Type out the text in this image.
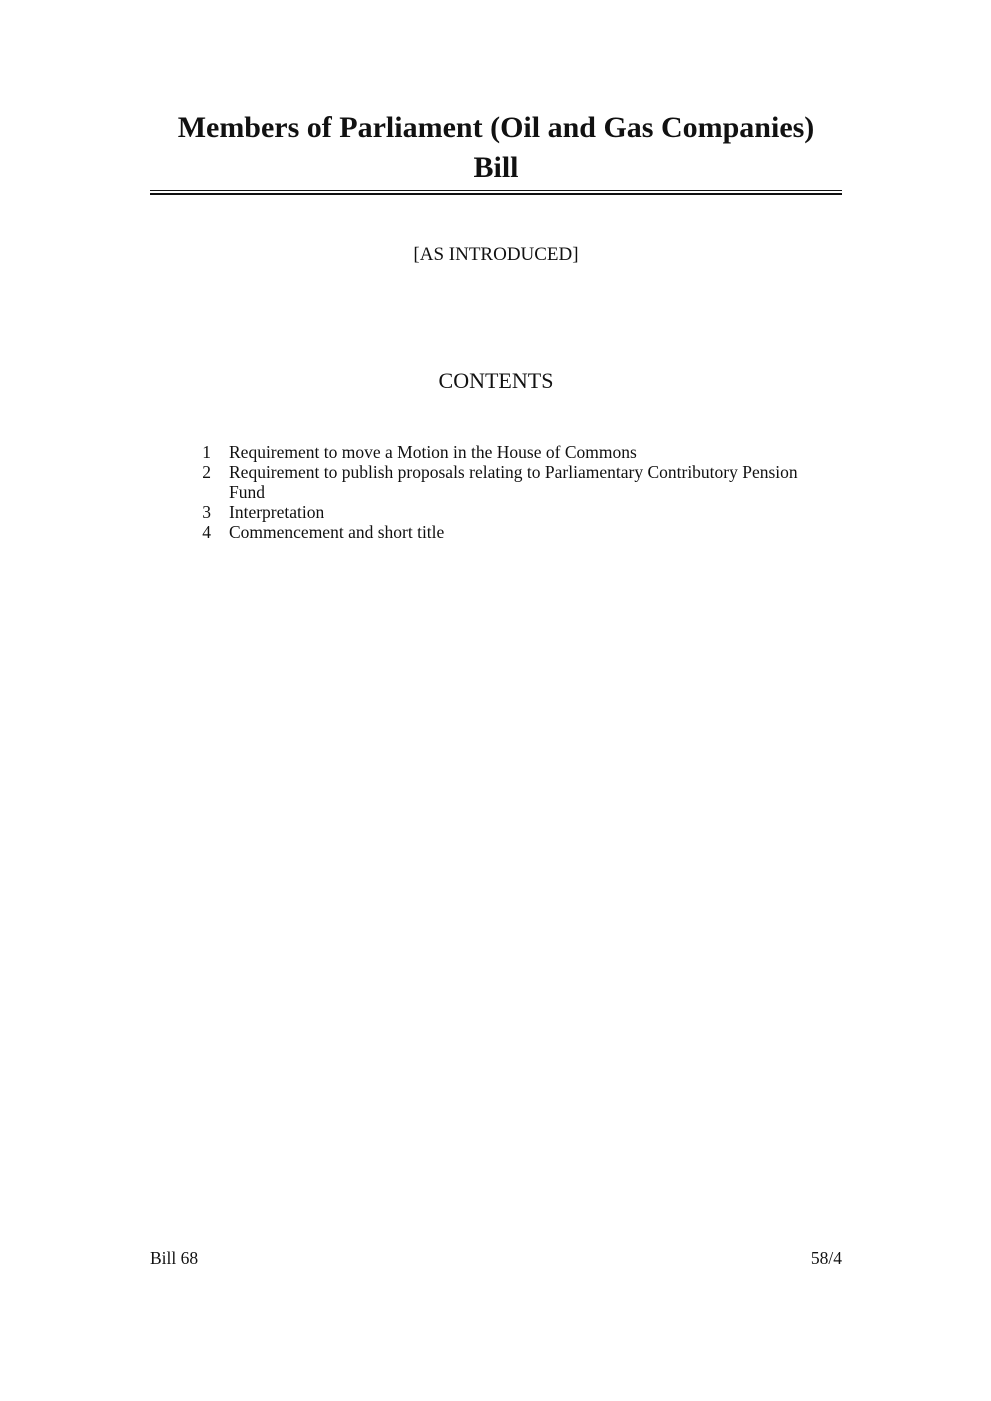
Members of Parliament (Oil and Gas Companies)

Bill

[AS INTRODUCED]
CONTENTS
1 Requirement to move a Motion in the House of Commons
2 Requirement to publish proposals relating to Parliamentary Contributory Pension Fund
3 Interpretation
4 Commencement and short title
Bill 68	58/4
